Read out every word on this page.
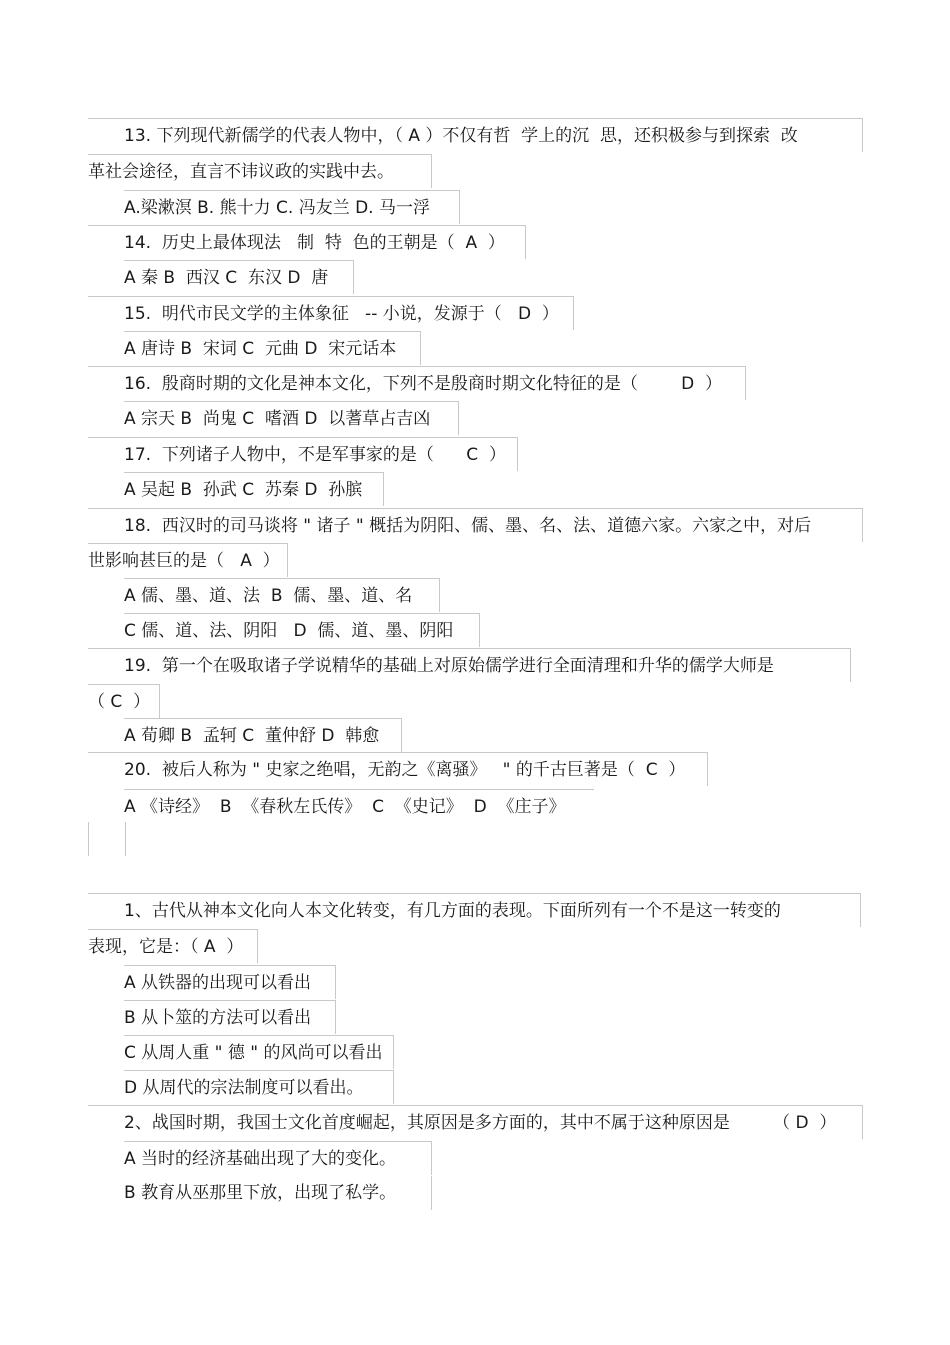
13. 下列现代新儒学的代表人物中，（ A ）不仅有哲  学上的沉  思，还积极参与到探索  改
革社会途径，直言不讳议政的实践中去。
A.梁漱溟 B. 熊十力 C. 冯友兰 D. 马一浮
14.  历史上最体现法   制  特  色的王朝是（  A  ）
A 秦 B  西汉 C  东汉 D  唐
15.  明代市民文学的主体象征   -- 小说，发源于（   D  ）
A 唐诗 B  宋词 C  元曲 D  宋元话本
16.  殷商时期的文化是神本文化，下列不是殷商时期文化特征的是（        D  ）
A 宗天 B  尚鬼 C  嗜酒 D  以蓍草占吉凶
17.  下列诸子人物中，不是军事家的是（      C  ）
A 吴起 B  孙武 C  苏秦 D  孙膑
18.  西汉时的司马谈将 " 诸子 " 概括为阴阳、儒、墨、名、法、道德六家。六家之中，对后
世影响甚巨的是（   A  ）
A 儒、墨、道、法  B  儒、墨、道、名
C 儒、道、法、阴阳   D  儒、道、墨、阴阳
19.  第一个在吸取诸子学说精华的基础上对原始儒学进行全面清理和升华的儒学大师是
（ C  ）
A 荀卿 B  孟轲 C  董仲舒 D  韩愈
20.  被后人称为 " 史家之绝唱，无韵之《离骚》   " 的千古巨著是（  C  ）
A 《诗经》  B  《春秋左氏传》  C  《史记》  D  《庄子》
1、古代从神本文化向人本文化转变，有几方面的表现。下面所列有一个不是这一转变的
表现，它是：（ A  ）
A 从铁器的出现可以看出
B 从卜筮的方法可以看出
C 从周人重 " 德 " 的风尚可以看出
D 从周代的宗法制度可以看出。
2、战国时期，我国士文化首度崛起，其原因是多方面的，其中不属于这种原因是        （ D  ）
A 当时的经济基础出现了大的变化。
B 教育从巫那里下放，出现了私学。
